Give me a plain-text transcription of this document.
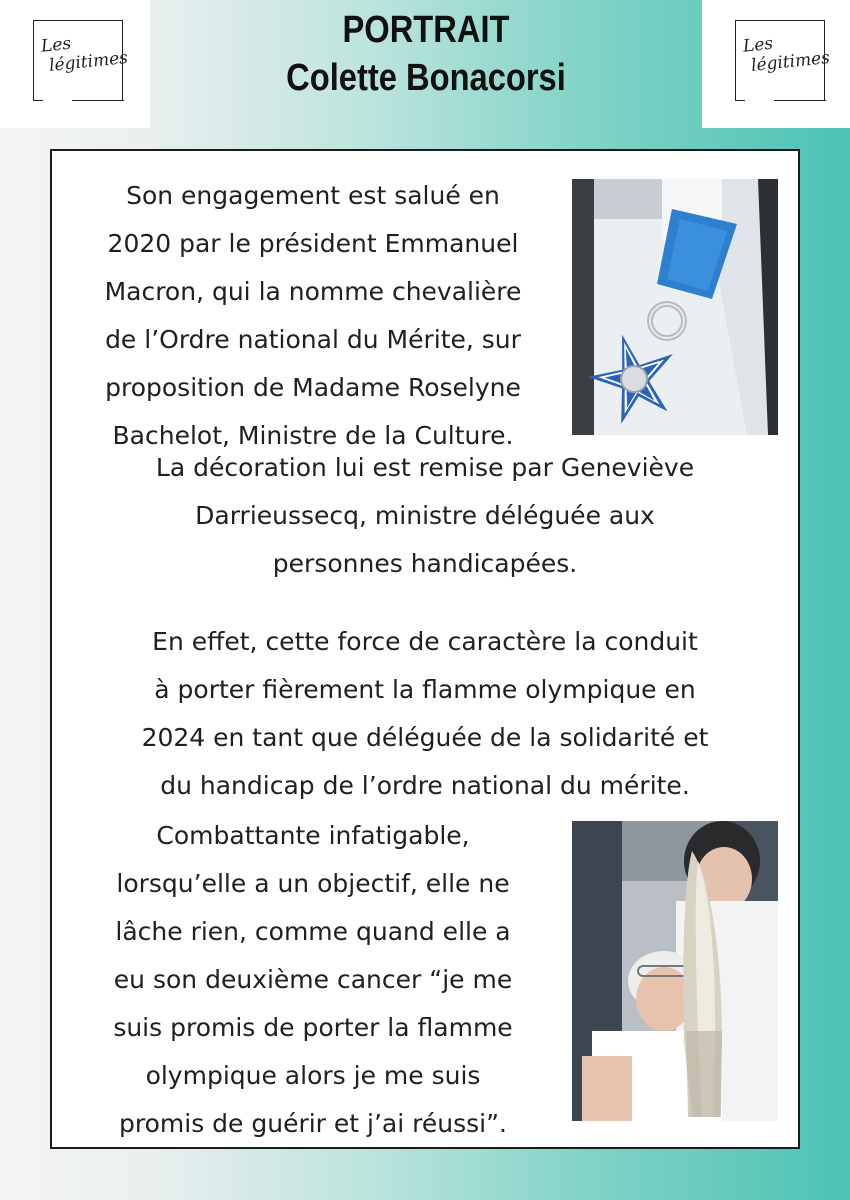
Les
légitimes
Les
légitimes
PORTRAIT
Colette Bonacorsi
Son engagement est salué en
2020 par le président Emmanuel
Macron, qui la nomme chevalière
de l’Ordre national du Mérite, sur
proposition de Madame Roselyne
Bachelot, Ministre de la Culture.
La décoration lui est remise par Geneviève
Darrieussecq, ministre déléguée aux
personnes handicapées.
En effet, cette force de caractère la conduit
à porter fièrement la flamme olympique en
2024 en tant que déléguée de la solidarité et
du handicap de l’ordre national du mérite.
Combattante infatigable,
lorsqu’elle a un objectif, elle ne
lâche rien, comme quand elle a
eu son deuxième cancer “je me
suis promis de porter la flamme
olympique alors je me suis
promis de guérir et j’ai réussi”.
